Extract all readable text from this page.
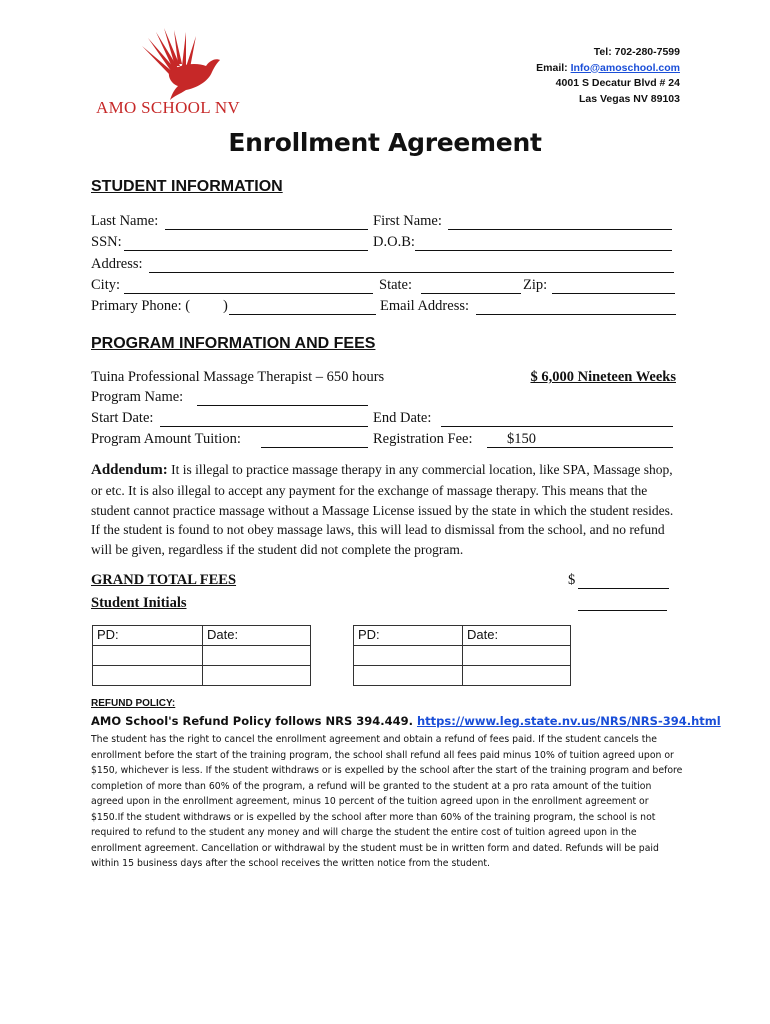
AMO SCHOOL NV
Tel: 702-280-7599
Email: Info@amoschool.com
4001 S Decatur Blvd # 24
Las Vegas NV 89103
Enrollment Agreement
STUDENT INFORMATION
Last Name:	First Name:
SSN:	D.O.B:
Address:
City:	State:	Zip:
Primary Phone: ( )	Email Address:
PROGRAM INFORMATION AND FEES
Tuina Professional Massage Therapist – 650 hours	$ 6,000 Nineteen Weeks
Program Name:
Start Date:	End Date:
Program Amount Tuition:	Registration Fee: $150
Addendum: It is illegal to practice massage therapy in any commercial location, like SPA, Massage shop, or etc. It is also illegal to accept any payment for the exchange of massage therapy. This means that the student cannot practice massage without a Massage License issued by the state in which the student resides. If the student is found to not obey massage laws, this will lead to dismissal from the school, and no refund will be given, regardless if the student did not complete the program.
GRAND TOTAL FEES	$
Student Initials
PD:	Date:

		PD:	Date:

REFUND POLICY:
AMO School's Refund Policy follows NRS 394.449. https://www.leg.state.nv.us/NRS/NRS-394.html
The student has the right to cancel the enrollment agreement and obtain a refund of fees paid. If the student cancels the enrollment before the start of the training program, the school shall refund all fees paid minus 10% of tuition agreed upon or $150, whichever is less. If the student withdraws or is expelled by the school after the start of the training program and before completion of more than 60% of the program, a refund will be granted to the student at a pro rata amount of the tuition agreed upon in the enrollment agreement, minus 10 percent of the tuition agreed upon in the enrollment agreement or $150.If the student withdraws or is expelled by the school after more than 60% of the training program, the school is not required to refund to the student any money and will charge the student the entire cost of tuition agreed upon in the enrollment agreement. Cancellation or withdrawal by the student must be in written form and dated. Refunds will be paid within 15 business days after the school receives the written notice from the student.
